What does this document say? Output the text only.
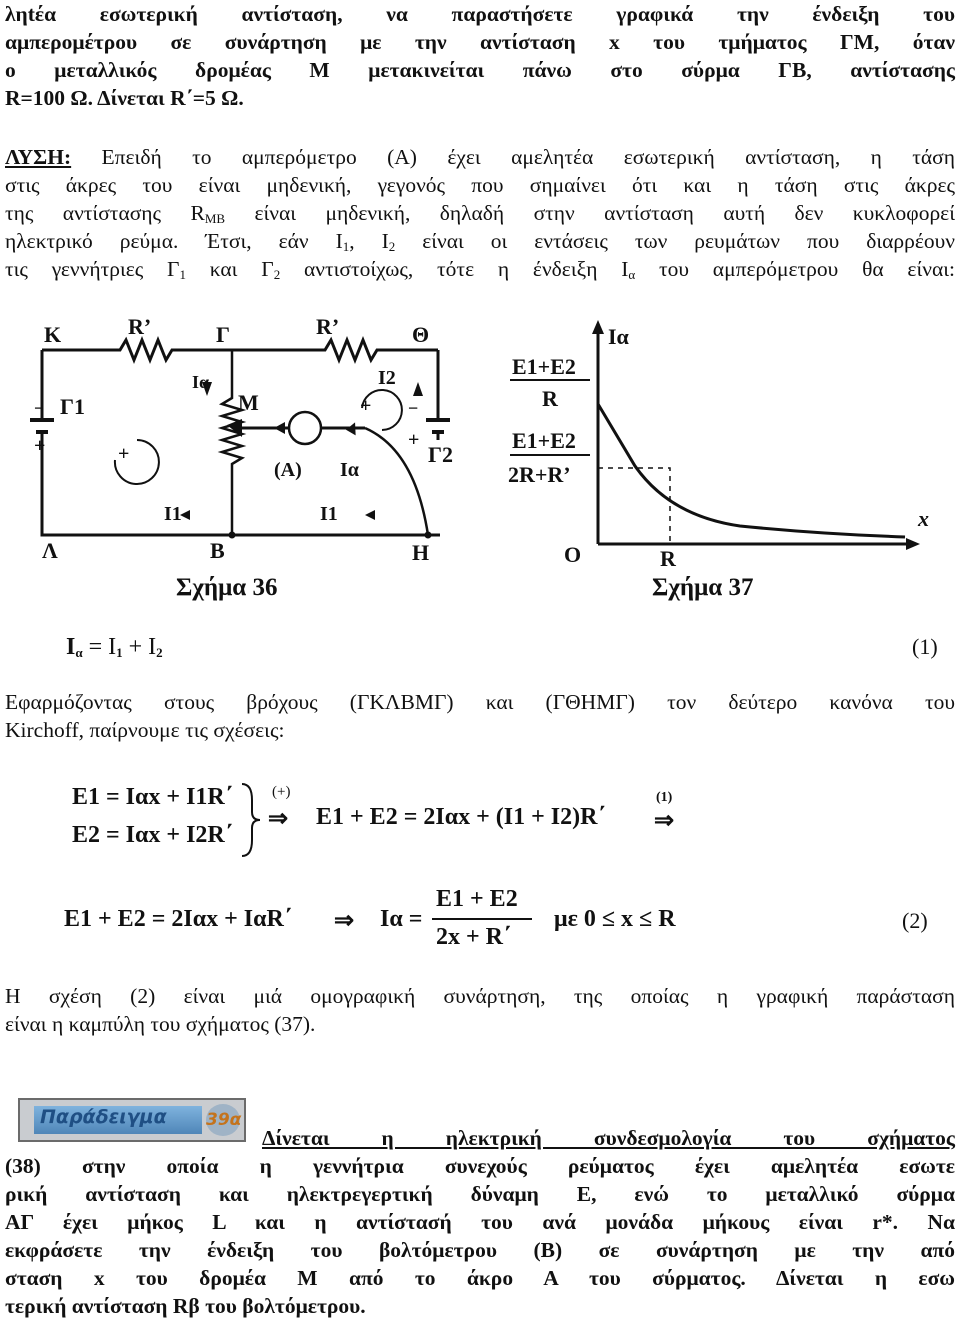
ληtέα εσωτερική αντίσταση, να παραστήσετε γραφικά την ένδειξη του
αμπερομέτρου σε συνάρτηση με την αντίσταση x του τμήματος ΓΜ, όταν
ο μεταλλικός δρομέας Μ μετακινείται πάνω στο σύρμα ΓΒ, αντίστασης
R=100 Ω. Δίνεται R΄=5 Ω.
ΛΥΣΗ: Επειδή το αμπερόμετρο (Α) έχει αμελητέα εσωτερική αντίσταση, η τάση
στις άκρες του είναι μηδενική, γεγονός που σημαίνει ότι και η τάση στις άκρες
της αντίστασης $R_{MB}$ είναι μηδενική, δηλαδή στην αντίσταση αυτή δεν κυκλοφορεί
ηλεκτρικό ρεύμα. Έτσι, εάν $I_1$, $I_2$ είναι οι εντάσεις των ρευμάτων που διαρρέουν
τις γεννήτριες $\Gamma_1$ και $\Gamma_2$ αντιστοίχως, τότε η ένδειξη $I_\alpha$ του αμπερόμετρου θα είναι:
K	R’	Γ	R’	Θ
Γ1
Γ2
Ια
M
I2
(A) Ια
I1	I1
Λ	B	H
+
+
−
+
−
+
Ια
E1+E2
R
E1+E2
2R+R’
x
O	R
Σχήμα 36	Σχήμα 37
$I_\alpha = I_1 + I_2$	(1)
Εφαρμόζοντας στους βρόχους (ΓΚΛΒΜΓ) και (ΓΘΗΜΓ) τον δεύτερο κανόνα του
Kirchoff, παίρνουμε τις σχέσεις:
E1 = Iαx + I1R΄
E2 = Iαx + I2R΄
(+)
⇒ E1 + E2 = 2Iαx + (I1 + I2)R΄
(1)
⇒
E1 + E2 = 2Iαx + IαR΄ ⇒ Iα =
E1 + E2
2x + R΄
με 0 ≤ x ≤ R	(2)
Η σχέση (2) είναι μιά ομογραφική συνάρτηση, της οποίας η γραφική παράσταση
είναι η καμπύλη του σχήματος (37).
Παράδειγμα 39α
Δίνεται η ηλεκτρική συνδεσμολογία του σχήματος
(38) στην οποία η γεννήτρια συνεχούς ρεύματος έχει αμελητέα εσωτε
ρική αντίσταση και ηλεκτρεγερτική δύναμη Ε, ενώ το μεταλλικό σύρμα
ΑΓ έχει μήκος L και η αντίστασή του ανά μονάδα μήκους είναι r*. Να
εκφράσετε την ένδειξη του βολτόμετρου (Β) σε συνάρτηση με την από
σταση x του δρομέα Μ από το άκρο Α του σύρματος. Δίνεται η εσω
τερική αντίσταση Rβ του βολτόμετρου.
